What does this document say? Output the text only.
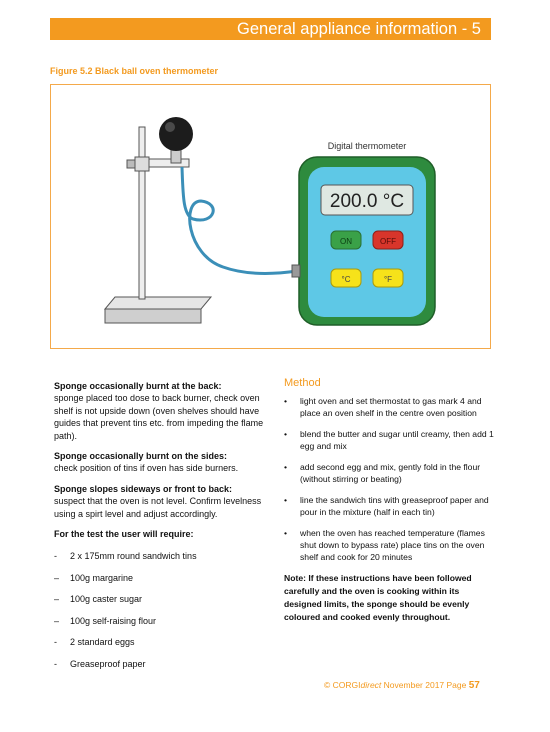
General appliance information - 5
Figure 5.2 Black ball oven thermometer
Digital thermometer
200.0 °C
ON	OFF
°C	°F
Sponge occasionally burnt at the back:

sponge placed too dose to back burner, check oven shelf is not upside down (oven shelves should have guides that prevent tins etc. from impeding the flame path).

Sponge occasionally burnt on the sides:

check position of tins if oven has side burners.

Sponge slopes sideways or front to back:

suspect that the oven is not level. Confirm levelness using a spirt level and adjust accordingly.

For the test the user will require:
-	2 x 175mm round sandwich tins
–	100g margarine
–	100g caster sugar
–	100g self-raising flour
-	2 standard eggs
-	Greaseproof paper
Method
•	light oven and set thermostat to gas mark 4 and place an oven shelf in the centre oven position
•	blend the butter and sugar until creamy, then add 1 egg and mix
•	add second egg and mix, gently fold in the flour (without stirring or beating)
•	line the sandwich tins with greaseproof paper and pour in the mixture (half in each tin)
•	when the oven has reached temperature (flames shut down to bypass rate) place tins on the oven shelf and cook for 20 minutes
Note: If these instructions have been followed carefully and the oven is cooking within its designed limits, the sponge should be evenly coloured and cooked evenly throughout.
© CORGIdirect November 2017 Page 57
